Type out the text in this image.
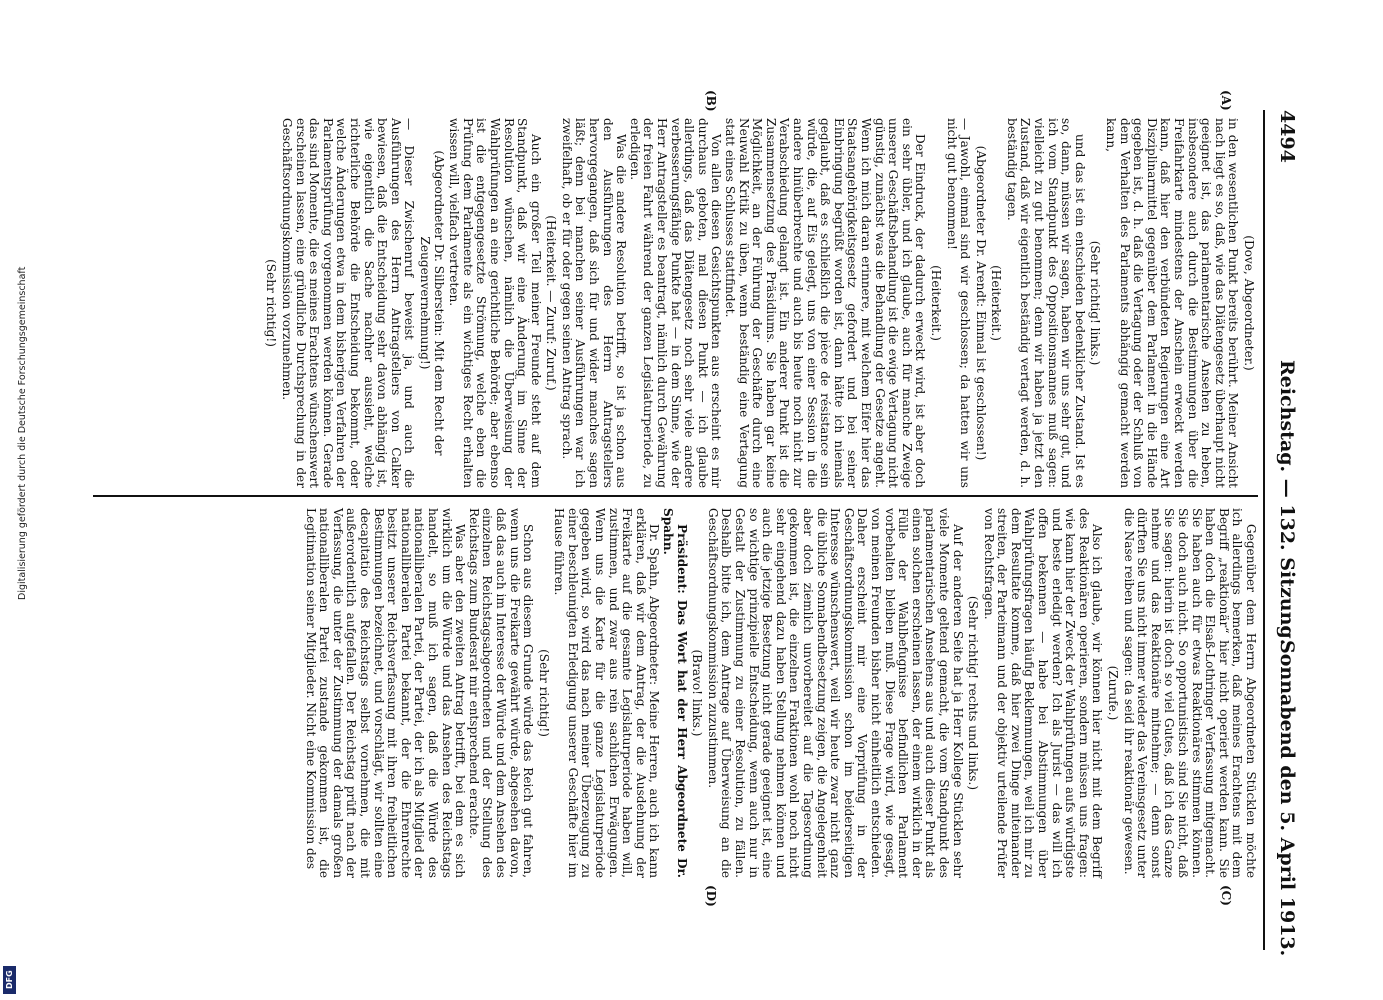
4494
Reichstag. — 132. Sitzung.
Sonnabend den 5. April 1913.
(A)
(B)
(C)
(D)

(Dove, Abgeordneter.)

in den wesentlichen Punkt bereits berührt. Meiner Ansicht nach liegt es so, daß, wie das Diätengesetz überhaupt nicht geeignet ist, das parlamentarische Ansehen zu heben, insbesondere auch durch die Bestimmungen über die Freifahrkarte mindestens der Anschein erweckt werden kann, daß hier den verbündeten Regierungen eine Art Disziplinarmittel gegenüber dem Parlament in die Hände gegeben ist, d. h. daß die Vertagung oder der Schluß von dem Verhalten des Parlaments abhängig gemacht werden kann,

(Sehr richtig! links.)

und das ist ein entschieden bedenklicher Zustand. Ist es so, dann, müssen wir sagen, haben wir uns sehr gut, und ich vom Standpunkt des Oppositionsmannes muß sagen: vielleicht zu gut benommen; denn wir haben ja jetzt den Zustand, daß wir eigentlich beständig vertagt werden, d. h. beständig tagen.

(Heiterkeit.)

(Abgeordneter Dr. Arendt: Einmal ist geschlossen!)

— Jawohl, einmal sind wir geschlossen; da hatten wir uns nicht gut benommen!

(Heiterkeit.)

Der Eindruck, der dadurch erweckt wird, ist aber doch ein sehr übler, und ich glaube, auch für manche Zweige unserer Geschäftsbehandlung ist die ewige Vertagung nicht günstig, zunächst was die Behandlung der Gesetze angeht. Wenn ich mich daran erinnere, mit welchem Eifer hier das Staatsangehörigkeitsgesetz gefordert und bei seiner Einbringung begrüßt worden ist, dann hätte ich niemals geglaubt, daß es schließlich die pièce de résistance sein würde, die, auf Eis gelegt, uns von einer Session in die andere hinüberbrechte und auch bis heute noch nicht zur Verabschiedung gelangt ist. Ein anderer Punkt ist die Zusammensetzung des Präsidiums. Sie haben gar keine Möglichkeit, an der Führung der Geschäfte durch eine Neuwahl Kritik zu üben, wenn beständig eine Vertagung statt eines Schlusses stattfindet.

Von allen diesen Gesichtspunkten aus erscheint es mir durchaus geboten, mal diesen Punkt — ich glaube allerdings, daß das Diätengesetz noch sehr viele andere verbesserungsfähige Punkte hat — in dem Sinne, wie der Herr Antragsteller es beantragt, nämlich durch Gewährung der freien Fahrt während der ganzen Legislaturperiode, zu erledigen.

Was die andere Resolution betrifft, so ist ja schon aus den Ausführungen des Herrn Antragstellers hervorgegangen, daß sich für und wider manches sagen läßt; denn bei manchen seiner Ausführungen war ich zweifelhaft, ob er für oder gegen seinen Antrag sprach.

(Heiterkeit. — Zuruf: Zuruf.)

Auch ein großer Teil meiner Freunde steht auf dem Standpunkt, daß wir eine Änderung im Sinne der Resolution wünschen, nämlich die Überweisung der Wahlprüfungen an eine gerichtliche Behörde; aber ebenso ist die entgegengesetzte Strömung, welche eben die Prüfung dem Parlamente als ein wichtiges Recht erhalten wissen will, vielfach vertreten.

(Abgeordneter Dr. Silberstein: Mit dem Recht der Zeugenvernehmung!)

— Dieser Zwischenruf beweist ja, und auch die Ausführungen des Herrn Antragstellers von Calker bewiesen, daß die Entscheidung sehr davon abhängig ist, wie eigentlich die Sache nachher aussieht, welche richterliche Behörde die Entscheidung bekommt, oder welche Änderungen etwa in dem bisherigen Verfahren der Parlamentsprüfung vorgenommen werden können. Gerade das sind Momente, die es meines Erachtens wünschenswert erscheinen lassen, eine gründliche Durchsprechung in der Geschäftsordnungskommission vorzunehmen.

(Sehr richtig!)

Gegenüber dem Herrn Abgeordneten Stücklen möchte ich allerdings bemerken, daß meines Erachtens mit dem Begriff „reaktionär“ hier nicht operiert werden kann. Sie haben doch die Elsaß-Lothringer Verfassung mitgemacht. Sie haben auch für etwas Reaktionäres stimmen können. Sie doch auch nicht. So opportunistisch sind Sie nicht, daß Sie sagen: hierin ist doch so viel Gutes, daß ich das Ganze nehme und das Reaktionäre mitnehme; — denn sonst dürften Sie uns nicht immer wieder das Vereinsgesetz unter die Nase reiben und sagen: da seid ihr reaktionär gewesen.

(Zurufe.)

Also ich glaube, wir können hier nicht mit dem Begriff des Reaktionären operieren, sondern müssen uns fragen: wie kann hier der Zweck der Wahlprüfungen aufs würdigste und beste erledigt werden? Ich als Jurist — das will ich offen bekennen — habe bei Abstimmungen über Wahlprüfungsfragen häufig Beklemmungen, weil ich mir zu dem Resultate komme, daß hier zwei Dinge miteinander streiten, der Parteimann und der objektiv urteilende Prüfer von Rechtsfragen.

(Sehr richtig! rechts und links.)

Auf der anderen Seite hat ja Herr Kollege Stücklen sehr viele Momente geltend gemacht, die vom Standpunkt des parlamentarischen Ansehens aus und auch dieser Punkt als einen solchen erscheinen lassen, der einem wirklich in der Fülle der Wahlbefugnisse befindlichen Parlament vorbehalten bleiben muß. Diese Frage wird, wie gesagt, von meinen Freunden bisher nicht einheitlich entschieden. Daher erscheint mir eine Vorprüfung in der Geschäftsordnungskommission schon im beiderseitigen Interesse wünschenswert, weil wir heute zwar nicht ganz die übliche Sonnabendbesetzung zeigen, die Angelegenheit aber doch ziemlich unvorbereitet auf die Tagesordnung gekommen ist, die einzelnen Fraktionen wohl noch nicht sehr eingehend dazu haben Stellung nehmen können und auch die jetzige Besetzung nicht gerade geeignet ist, eine so wichtige prinzipielle Entscheidung, wenn auch nur in Gestalt der Zustimmung zu einer Resolution, zu fällen. Deshalb bitte ich, dem Antrage auf Überweisung an die Geschäftsordnungskommission zuzustimmen.

(Bravo! links.)

Präsident: Das Wort hat der Herr Abgeordnete Dr. Spahn.

Dr. Spahn, Abgeordneter: Meine Herren, auch ich kann erklären, daß wir dem Antrag, der die Ausdehnung der Freikarte auf die gesamte Legislaturperiode haben will, zustimmen, und zwar aus rein sachlichen Erwägungen. Wenn uns die Karte für die ganze Legislaturperiode gegeben wird, so wird das nach meiner Überzeugung zu einer beschleunigten Erledigung unserer Geschäfte hier im Hause führen.

(Sehr richtig!)

Schon aus diesem Grunde würde das Reich gut fahren, wenn uns die Freikarte gewährt würde, abgesehen davon, daß das auch im Interesse der Würde und dem Ansehen des einzelnen Reichstagsabgeordneten und der Stellung des Reichstags zum Bundesrat mir entsprechend erachte.

Was aber den zweiten Antrag betrifft, bei dem es sich wirklich um die Würde und das Ansehen des Reichstags handelt, so muß ich sagen, daß die Würde des nationalliberalen Partei, der Partei, der ich als Mitglied der nationalliberalen Partei bekannt, der die Ehrenrechte besitzt unserer Reichsverfassung mit ihren freiheitlichen Bestimmungen bezeichnet, und vorschlägt, wir sollten eine decapitatio des Reichstags selbst vornehmen, die mit außerordentlich aufgefallen. Der Reichstag prüft nach der Verfassung, die unter der Zustimmung der damals großen nationalliberalen Partei zustande gekommen ist, die Legitimation seiner Mitglieder. Nicht eine Kommission des

Digitalisierung gefördert durch die Deutsche Forschungsgemeinschaft
DFG
